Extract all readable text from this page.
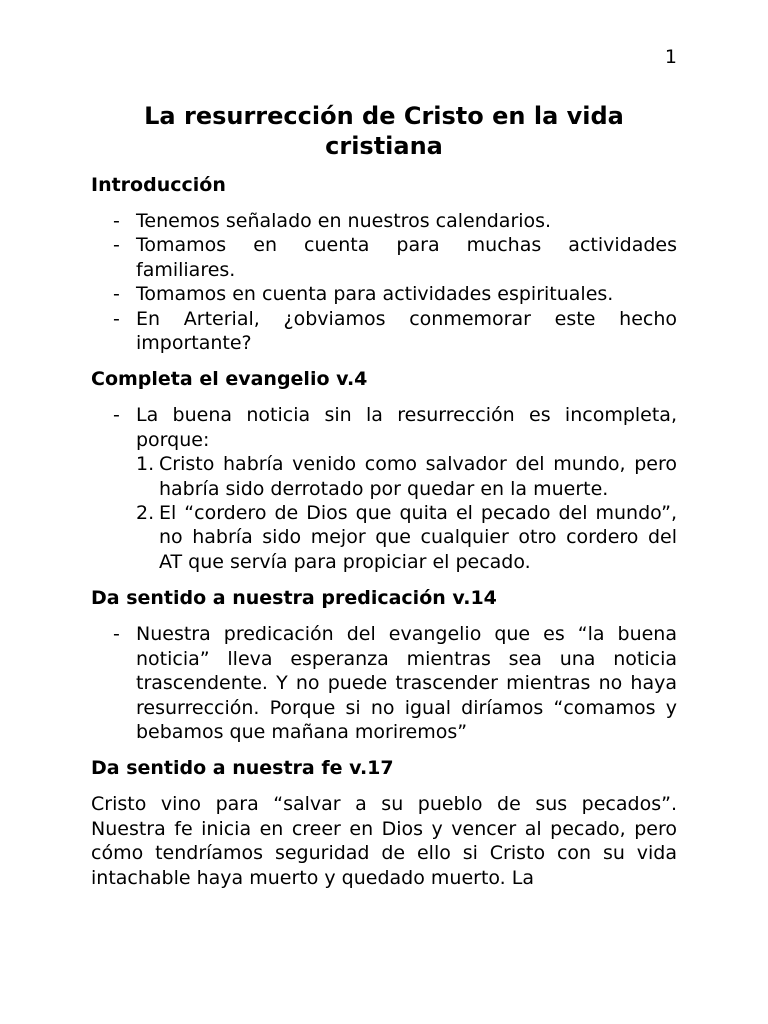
1
La resurrección de Cristo en la vida cristiana
Introducción
- Tenemos señalado en nuestros calendarios.
- Tomamos en cuenta para muchas actividades familiares.
- Tomamos en cuenta para actividades espirituales.
- En Arterial, ¿obviamos conmemorar este hecho importante?
Completa el evangelio v.4
- La buena noticia sin la resurrección es incompleta, porque:
1. Cristo habría venido como salvador del mundo, pero habría sido derrotado por quedar en la muerte.
2. El “cordero de Dios que quita el pecado del mundo”, no habría sido mejor que cualquier otro cordero del AT que servía para propiciar el pecado.
Da sentido a nuestra predicación v.14
- Nuestra predicación del evangelio que es “la buena noticia” lleva esperanza mientras sea una noticia trascendente. Y no puede trascender mientras no haya resurrección. Porque si no igual diríamos “comamos y bebamos que mañana moriremos”
Da sentido a nuestra fe v.17

Cristo vino para “salvar a su pueblo de sus pecados”. Nuestra fe inicia en creer en Dios y vencer al pecado, pero cómo tendríamos seguridad de ello si Cristo con su vida intachable haya muerto y quedado muerto. La
